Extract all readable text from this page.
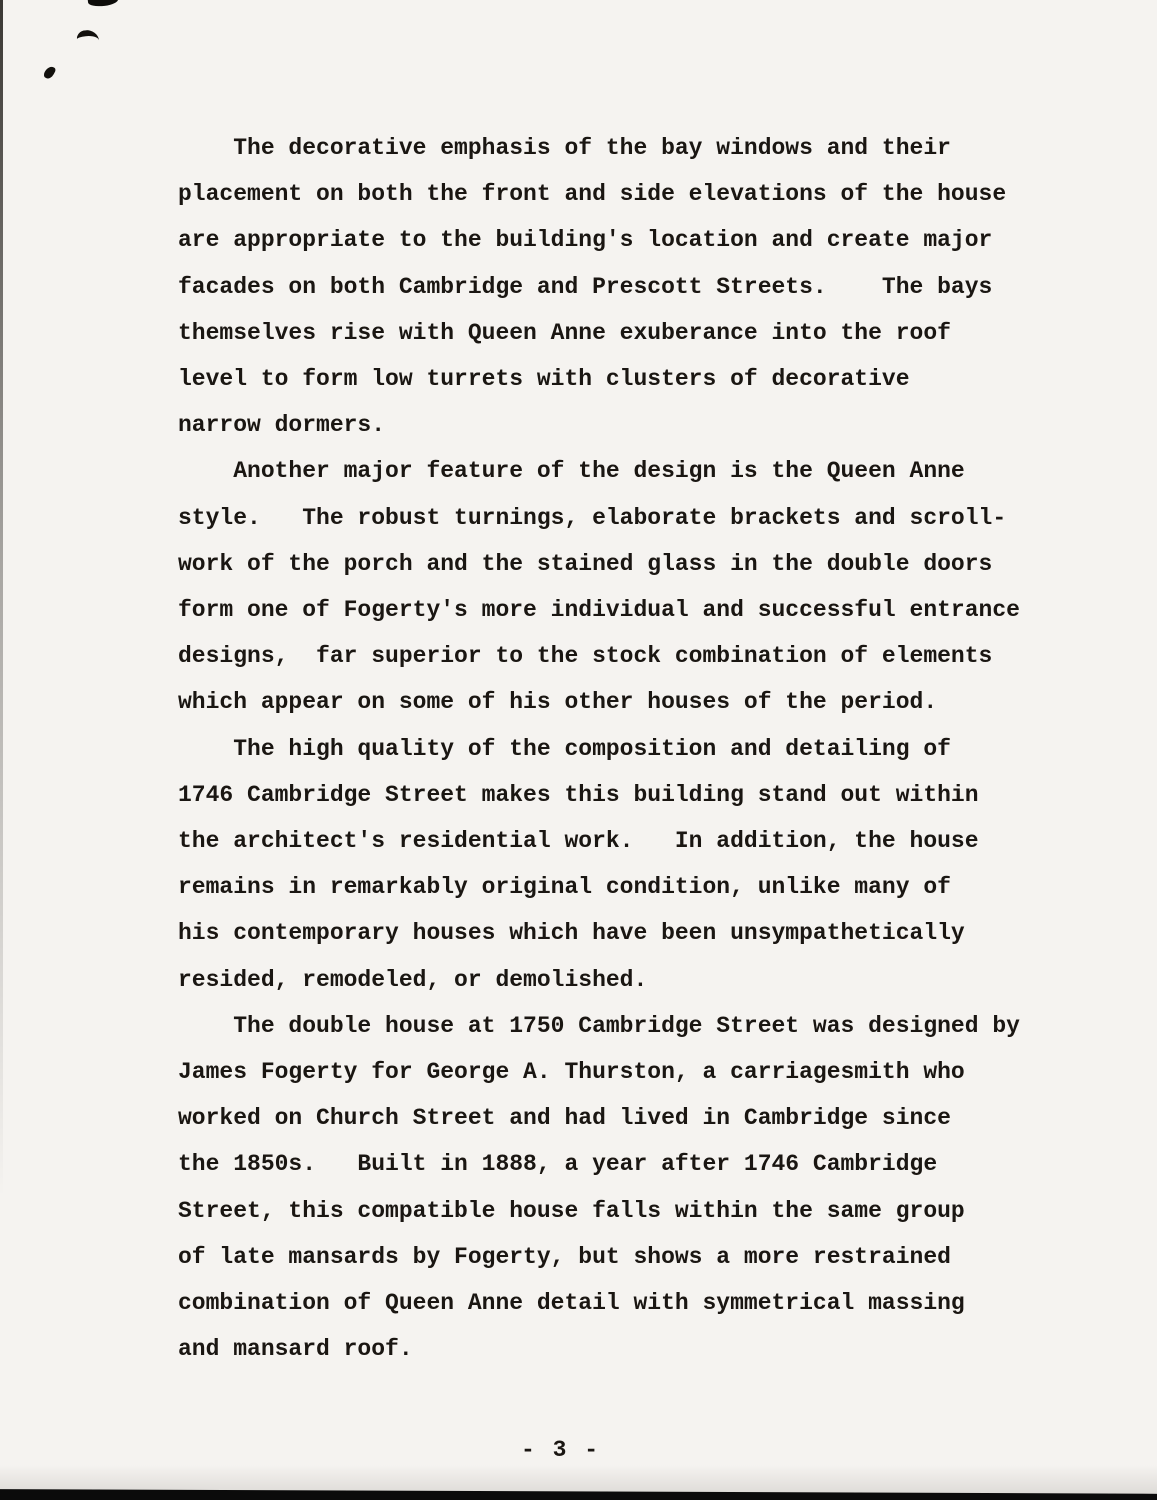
The decorative emphasis of the bay windows and their
placement on both the front and side elevations of the house
are appropriate to the building's location and create major
facades on both Cambridge and Prescott Streets.    The bays
themselves rise with Queen Anne exuberance into the roof
level to form low turrets with clusters of decorative
narrow dormers.
Another major feature of the design is the Queen Anne
style.   The robust turnings, elaborate brackets and scroll-
work of the porch and the stained glass in the double doors
form one of Fogerty's more individual and successful entrance
designs,  far superior to the stock combination of elements
which appear on some of his other houses of the period.
The high quality of the composition and detailing of
1746 Cambridge Street makes this building stand out within
the architect's residential work.   In addition, the house
remains in remarkably original condition, unlike many of
his contemporary houses which have been unsympathetically
resided, remodeled, or demolished.
The double house at 1750 Cambridge Street was designed by
James Fogerty for George A. Thurston, a carriagesmith who
worked on Church Street and had lived in Cambridge since
the 1850s.   Built in 1888, a year after 1746 Cambridge
Street, this compatible house falls within the same group
of late mansards by Fogerty, but shows a more restrained
combination of Queen Anne detail with symmetrical massing
and mansard roof.
- 3 -
